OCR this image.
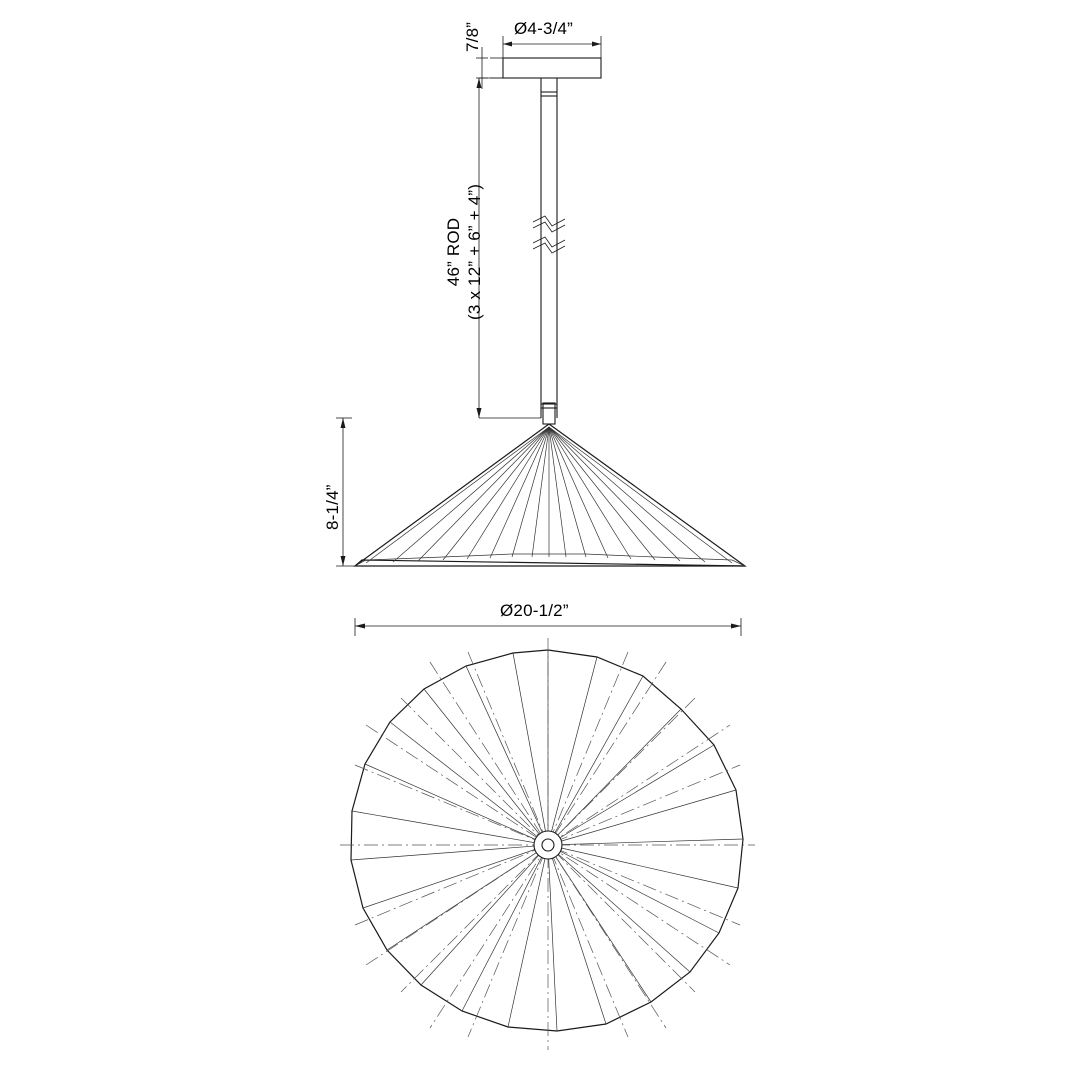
Ø4-3/4”
7/8”
46” ROD (3 x 12” + 6” + 4”)
8-1/4”
Ø20-1/2”
